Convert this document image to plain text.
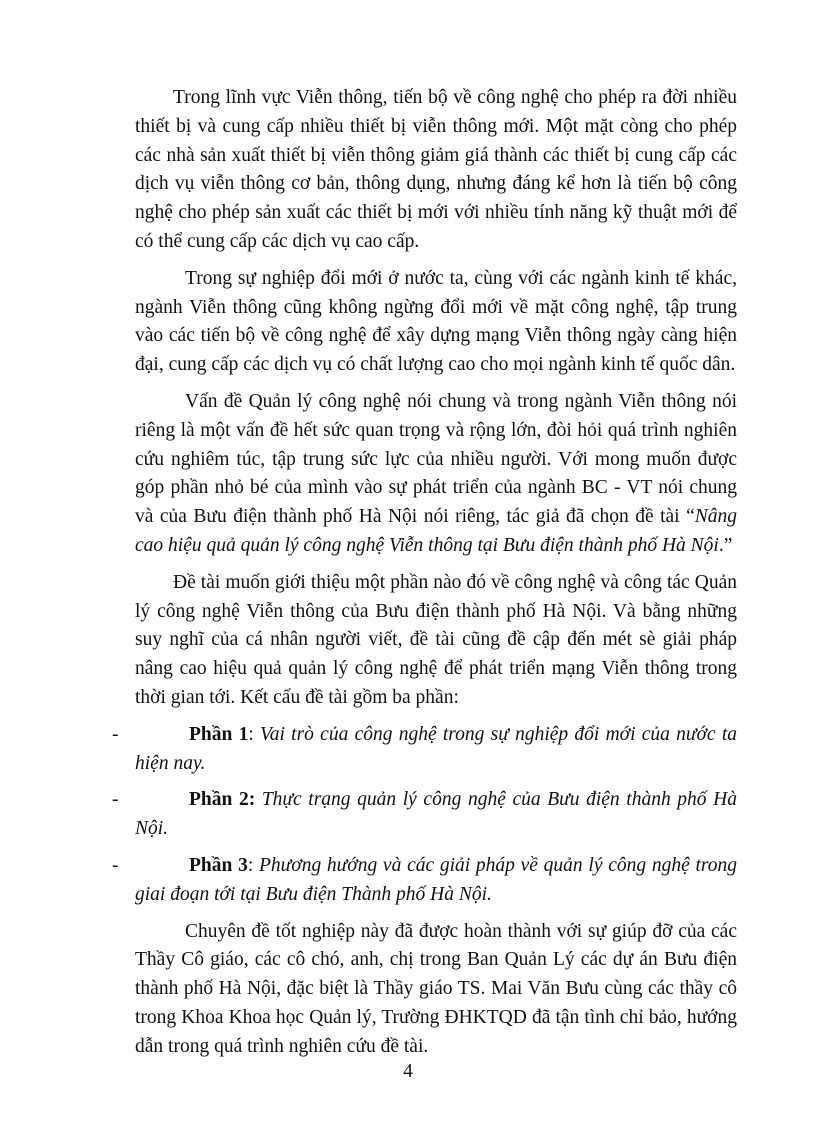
Trong lĩnh vực Viễn thông, tiến bộ về công nghệ cho phép ra đời nhiều thiết bị và cung cấp nhiều thiết bị viễn thông mới. Một mặt còng cho phép các nhà sản xuất thiết bị viễn thông giảm giá thành các thiết bị cung cấp các dịch vụ viễn thông cơ bản, thông dụng, nhưng đáng kể hơn là tiến bộ công nghệ cho phép sản xuất các thiết bị mới với nhiều tính năng kỹ thuật mới để có thể cung cấp các dịch vụ cao cấp.

Trong sự nghiệp đổi mới ở nước ta, cùng với các ngành kinh tế khác, ngành Viễn thông cũng không ngừng đổi mới về mặt công nghệ, tập trung vào các tiến bộ về công nghệ để xây dựng mạng Viễn thông ngày càng hiện đại, cung cấp các dịch vụ có chất lượng cao cho mọi ngành kinh tế quốc dân.

Vấn đề Quản lý công nghệ nói chung và trong ngành Viễn thông nói riêng là một vấn đề hết sức quan trọng và rộng lớn, đòi hỏi quá trình nghiên cứu nghiêm túc, tập trung sức lực của nhiều người. Với mong muốn được góp phần nhỏ bé của mình vào sự phát triển của ngành BC - VT nói chung và của Bưu điện thành phố Hà Nội nói riêng, tác giả đã chọn đề tài “Nâng cao hiệu quả quản lý công nghệ Viễn thông tại Bưu điện thành phố Hà Nội.”

Đề tài muốn giới thiệu một phần nào đó về công nghệ và công tác Quản lý công nghệ Viễn thông của Bưu điện thành phố Hà Nội. Và bằng những suy nghĩ của cá nhân người viết, đề tài cũng đề cập đến mét sè giải pháp nâng cao hiệu quả quản lý công nghệ để phát triển mạng Viễn thông trong thời gian tới. Kết cấu đề tài gồm ba phần:

-	Phần 1: Vai trò của công nghệ trong sự nghiệp đổi mới của nước ta hiện nay.
-	Phần 2: Thực trạng quản lý công nghệ của Bưu điện thành phố Hà Nội.
-	Phần 3: Phương hướng và các giải pháp về quản lý công nghệ trong giai đoạn tới tại Bưu điện Thành phố Hà Nội.

Chuyên đề tốt nghiệp này đã được hoàn thành với sự giúp đỡ của các Thầy Cô giáo, các cô chó, anh, chị trong Ban Quản Lý các dự án Bưu điện thành phố Hà Nội, đặc biệt là Thầy giáo TS. Mai Văn Bưu cùng các thầy cô trong Khoa Khoa học Quản lý, Trường ĐHKTQD đã tận tình chỉ bảo, hướng dẫn trong quá trình nghiên cứu đề tài.

4
